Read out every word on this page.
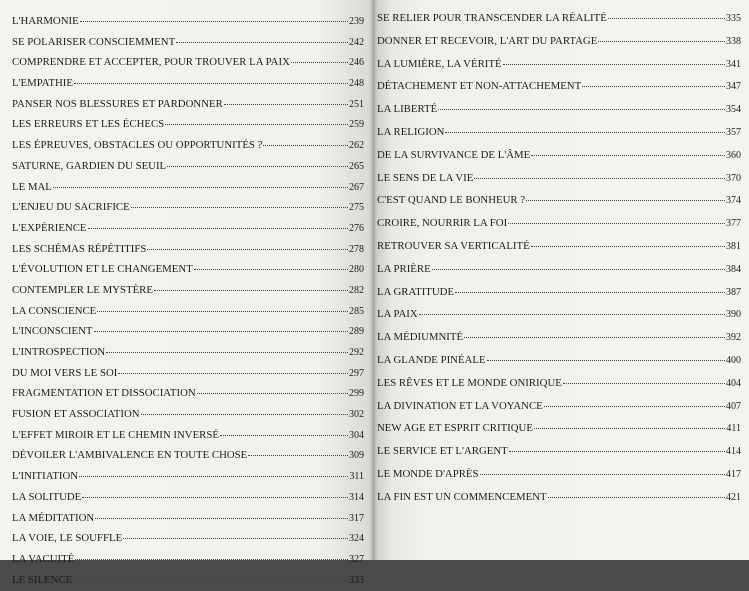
L'HARMONIE	239
SE POLARISER CONSCIEMMENT	242
COMPRENDRE ET ACCEPTER, POUR TROUVER LA PAIX	246
L'EMPATHIE	248
PANSER NOS BLESSURES ET PARDONNER	251
LES ERREURS ET LES ÉCHECS	259
LES ÉPREUVES, OBSTACLES OU OPPORTUNITÉS ?	262
SATURNE, GARDIEN DU SEUIL	265
LE MAL	267
L'ENJEU DU SACRIFICE	275
L'EXPÉRIENCE	276
LES SCHÉMAS RÉPÉTITIFS	278
L'ÉVOLUTION ET LE CHANGEMENT	280
CONTEMPLER LE MYSTÈRE	282
LA CONSCIENCE	285
L'INCONSCIENT	289
L'INTROSPECTION	292
DU MOI VERS LE SOI	297
FRAGMENTATION ET DISSOCIATION	299
FUSION ET ASSOCIATION	302
L'EFFET MIROIR ET LE CHEMIN INVERSÉ	304
DÉVOILER L'AMBIVALENCE EN TOUTE CHOSE	309
L'INITIATION	311
LA SOLITUDE	314
LA MÉDITATION	317
LA VOIE, LE SOUFFLE	324
LA VACUITÉ	327
LE SILENCE	333
SE RELIER POUR TRANSCENDER LA RÉALITÉ	335
DONNER ET RECEVOIR, L'ART DU PARTAGE	338
LA LUMIÈRE, LA VÉRITÉ	341
DÉTACHEMENT ET NON-ATTACHEMENT	347
LA LIBERTÉ	354
LA RELIGION	357
DE LA SURVIVANCE DE L'ÂME	360
LE SENS DE LA VIE	370
C'EST QUAND LE BONHEUR ?	374
CROIRE, NOURRIR LA FOI	377
RETROUVER SA VERTICALITÉ	381
LA PRIÈRE	384
LA GRATITUDE	387
LA PAIX	390
LA MÉDIUMNITÉ	392
LA GLANDE PINÉALE	400
LES RÊVES ET LE MONDE ONIRIQUE	404
LA DIVINATION ET LA VOYANCE	407
NEW AGE ET ESPRIT CRITIQUE	411
LE SERVICE ET L'ARGENT	414
LE MONDE D'APRÈS	417
LA FIN EST UN COMMENCEMENT	421
